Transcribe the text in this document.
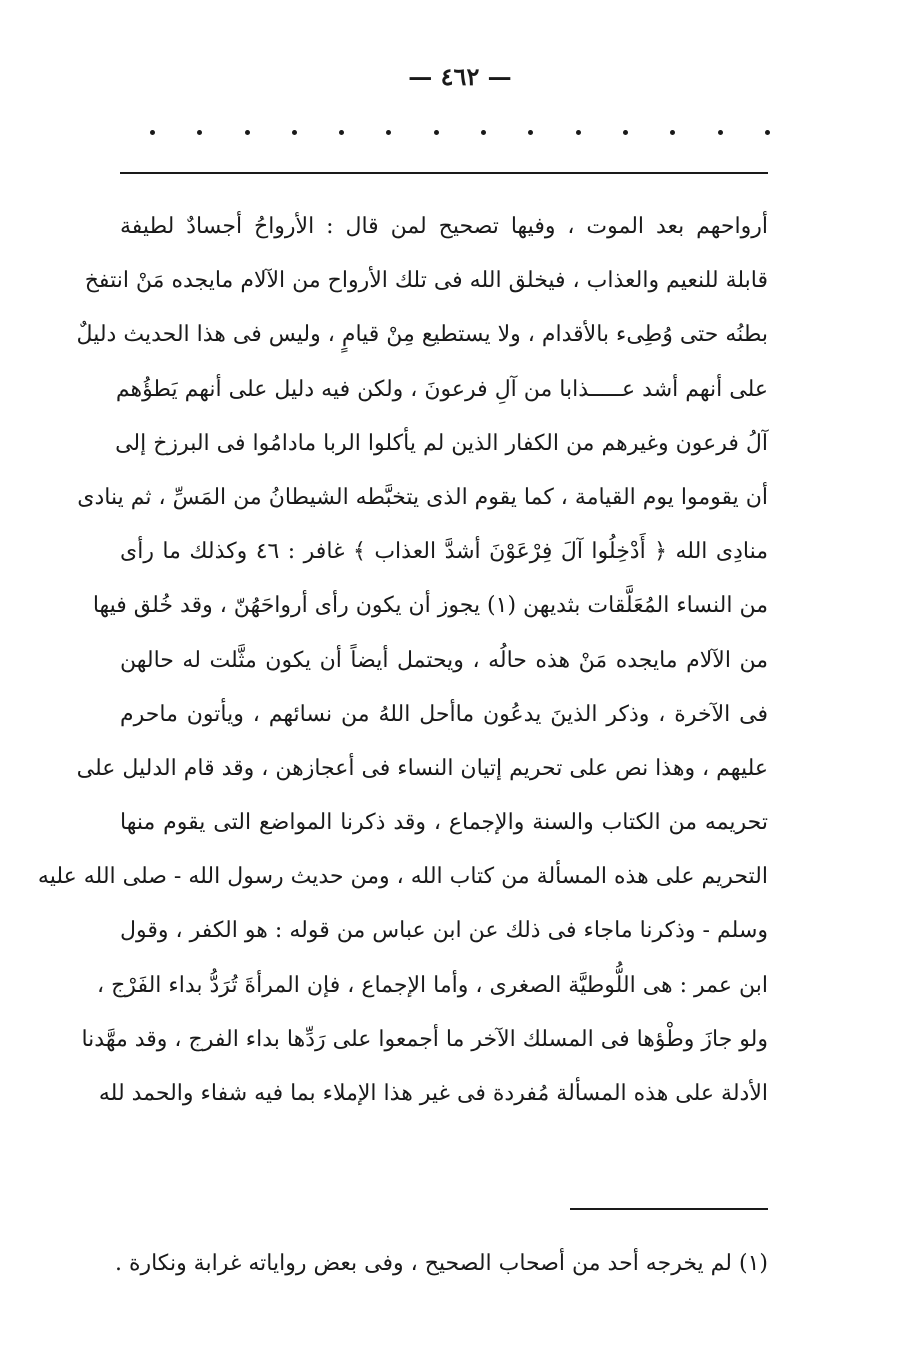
— ٤٦٢ —
أرواحهم بعد الموت ، وفيها تصحيح لمن قال : الأرواحُ أجسادٌ لطيفة
قابلة للنعيم والعذاب ، فيخلق الله فى تلك الأرواح من الآلام مايجده مَنْ انتفخ
بطنُه حتى وُطِىء بالأقدام ، ولا يستطيع مِنْ قيامٍ ، وليس فى هذا الحديث دليلٌ
على أنهم أشد عـــــذابا من آلِ فرعونَ ، ولكن فيه دليل على أنهم يَطؤُهم
آلُ فرعون وغيرهم من الكفار الذين لم يأكلوا الربا مادامُوا فى البرزخ إلى
أن يقوموا يوم القيامة ، كما يقوم الذى يتخبَّطه الشيطانُ من المَسِّ ، ثم ينادى
منادِى الله ﴿ أَدْخِلُوا آلَ فِرْعَوْنَ أشدَّ العذاب ﴾ غافر : ٤٦ وكذلك ما رأى
من النساء المُعَلَّقات بثديهن (١) يجوز أن يكون رأى أرواحَهُنّ ، وقد خُلق فيها
من الآلام مايجده مَنْ هذه حالُه ، ويحتمل أيضاً أن يكون مثَّلت له حالهن
فى الآخرة ، وذكر الذينَ يدعُون ماأحل اللهُ من نسائهم ، ويأتون ماحرم
عليهم ، وهذا نص على تحريم إتيان النساء فى أعجازهن ، وقد قام الدليل على
تحريمه من الكتاب والسنة والإجماع ، وقد ذكرنا المواضع التى يقوم منها
التحريم على هذه المسألة من كتاب الله ، ومن حديث رسول الله - صلى الله عليه
وسلم - وذكرنا ماجاء فى ذلك عن ابن عباس من قوله : هو الكفر ، وقول
ابن عمر : هى اللُّوطيَّة الصغرى ، وأما الإجماع ، فإن المرأةَ تُرَدُّ بداء الفَرْج ،
ولو جازَ وطْؤها فى المسلك الآخر ما أجمعوا على رَدِّها بداء الفرج ، وقد مهَّدنا
الأدلة على هذه المسألة مُفردة فى غير هذا الإملاء بما فيه شفاء والحمد لله
(١) لم يخرجه أحد من أصحاب الصحيح ، وفى بعض رواياته غرابة ونكارة .
